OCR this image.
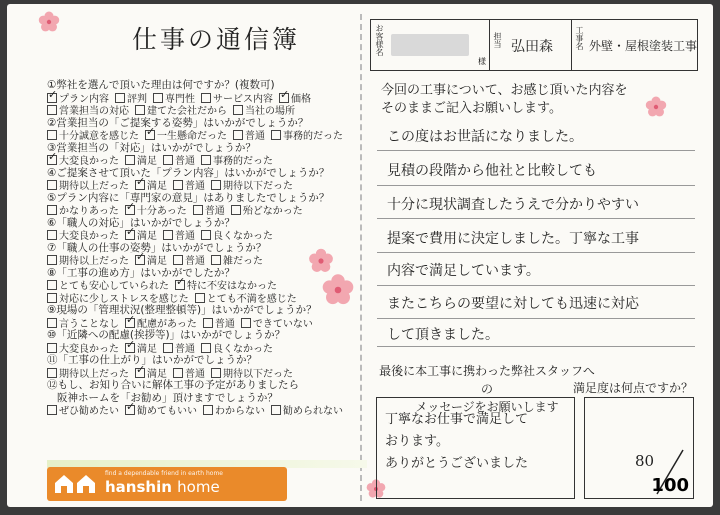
仕事の通信簿
①弊社を選んで頂いた理由は何ですか？(複数可)
✓プラン内容 評判 専門性 サービス内容 ✓ 価格
営業担当の対応 建てた会社だから 当社の場所
②営業担当の「ご提案する姿勢」はいかがでしょうか？
十分誠意を感じた ✓ 一生懸命だった 普通 事務的だった
③営業担当の「対応」はいかがでしょうか？
✓大変良かった 満足 普通 事務的だった
④ご提案させて頂いた「プラン内容」はいかがでしょうか？
期待以上だった ✓ 満足 普通 期待以下だった
⑤プラン内容に「専門家の意見」はありましたでしょうか？
かなりあった ✓ 十分あった 普通 殆どなかった
⑥「職人の対応」はいかがでしょうか？
大変良かった ✓ 満足 普通 良くなかった
⑦「職人の仕事の姿勢」はいかがでしょうか？
期待以上だった ✓ 満足 普通 雑だった
⑧「工事の進め方」はいかがでしたか？
とても安心していられた ✓ 特に不安はなかった
対応に少しストレスを感じた とても不満を感じた
⑨現場の「管理状況(整理整頓等)」はいかがでしょうか？
言うことなし ✓ 配慮があった 普通 できていない
⑩「近隣への配慮(挨拶等)」はいかがでしょうか？
大変良かった ✓ 満足 普通 良くなかった
⑪「工事の仕上がり」はいかがでしょうか？
期待以上だった ✓ 満足 普通 期待以下だった
⑫もし、お知り合いに解体工事の予定がありましたら
阪神ホームを「お勧め」頂けますでしょうか？
ぜひ勧めたい ✓ 勧めてもいい わからない 勧められない
お客様名
様
担当 弘田森	工事名 外壁・屋根塗装工事
今回の工事について、お感じ頂いた内容を
そのままご記入お願いします。
この度はお世話になりました。
見積の段階から他社と比較しても
十分に現状調査したうえで分かりやすい
提案で費用に決定しました。丁寧な工事
内容で満足しています。
またこちらの要望に対しても迅速に対応
して頂きました。
最後に本工事に携わった弊社スタッフへの
メッセージをお願いします
満足度は何点ですか？
丁寧なお仕事で満足して
おります。
ありがとうございました	80
100
find a dependable friend in earth home
hanshin home
